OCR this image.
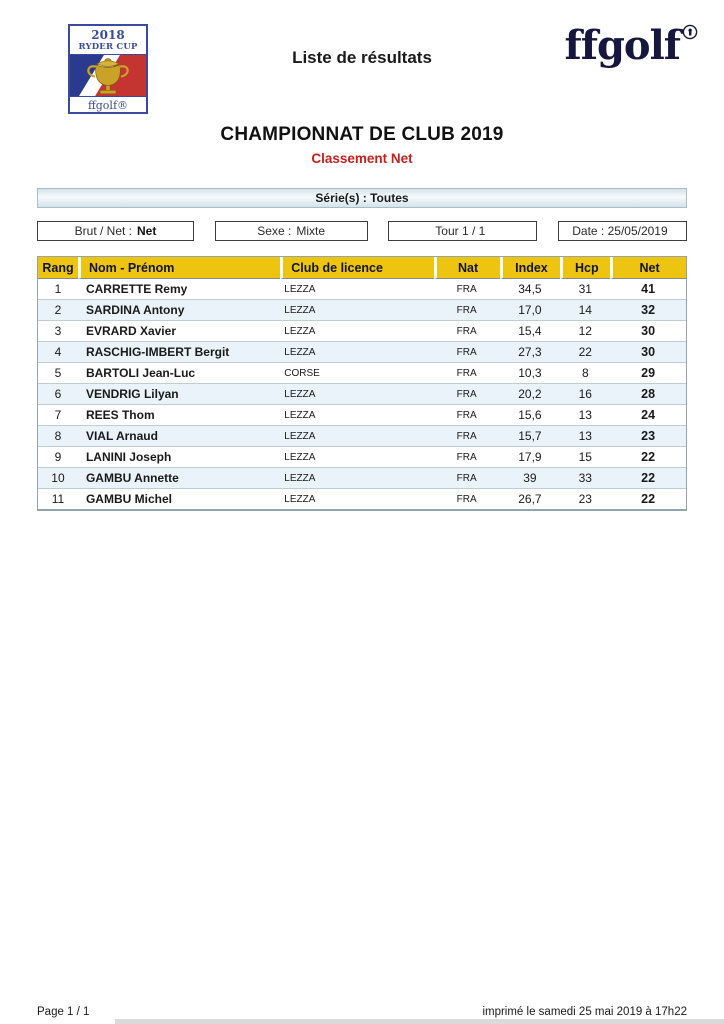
2018
RYDER CUP
ffgolf®
Liste de résultats	ffgolf
CHAMPIONNAT DE CLUB 2019
Classement Net
Série(s) : Toutes
Brut / Net : Net	Sexe : Mixte	Tour 1 / 1	Date : 25/05/2019
Rang	Nom - Prénom	Club de licence	Nat	Index	Hcp	Net
1	CARRETTE Remy	LEZZA	FRA	34,5	31	41
2	SARDINA Antony	LEZZA	FRA	17,0	14	32
3	EVRARD Xavier	LEZZA	FRA	15,4	12	30
4	RASCHIG-IMBERT Bergit	LEZZA	FRA	27,3	22	30
5	BARTOLI Jean-Luc	CORSE	FRA	10,3	8	29
6	VENDRIG Lilyan	LEZZA	FRA	20,2	16	28
7	REES Thom	LEZZA	FRA	15,6	13	24
8	VIAL Arnaud	LEZZA	FRA	15,7	13	23
9	LANINI Joseph	LEZZA	FRA	17,9	15	22
10	GAMBU Annette	LEZZA	FRA	39	33	22
11	GAMBU Michel	LEZZA	FRA	26,7	23	22
Page 1 / 1	imprimé le samedi 25 mai 2019 à 17h22
